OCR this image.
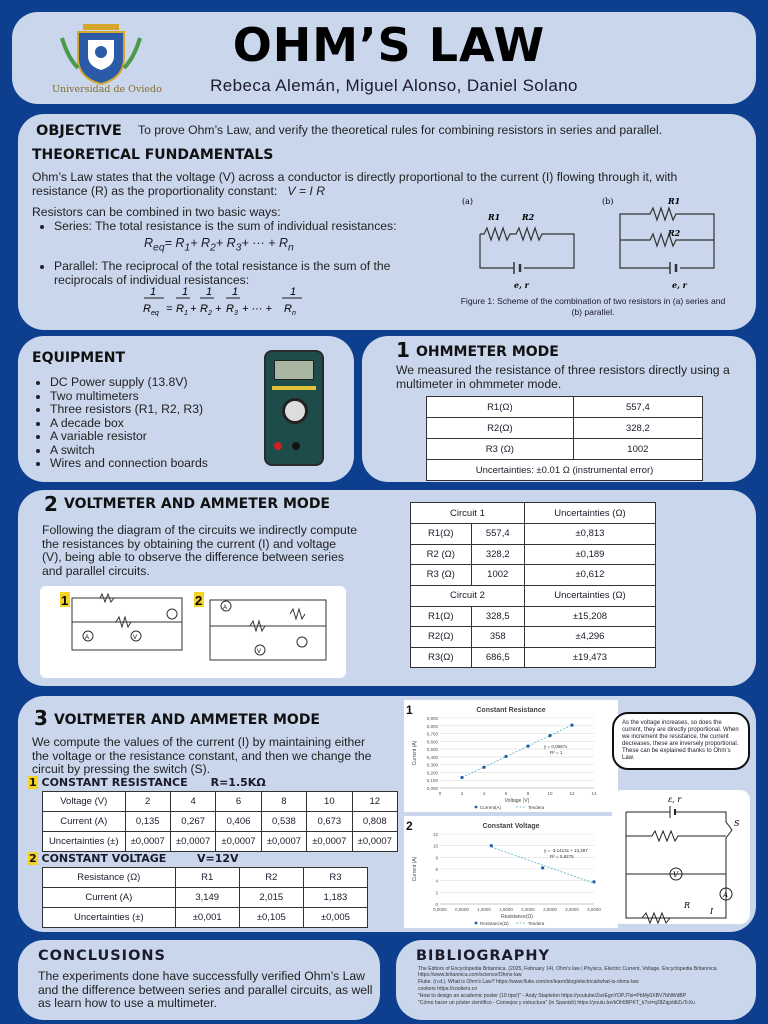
Universidad de Oviedo
OHM’S LAW
Rebeca Alemán, Miguel Alonso, Daniel Solano
OBJECTIVE To prove Ohm’s Law, and verify the theoretical rules for combining resistors in series and parallel.
THEORETICAL FUNDAMENTALS
Ohm’s Law states that the voltage (V) across a conductor is directly proportional to the current (I) flowing through it, with resistance (R) as the proportionality constant: V = I R
Resistors can be combined in two basic ways:
• Series: The total resistance is the sum of individual resistances:
$R_{eq}= R_1+ R_2+ R_3+$ ··· + $R_n$
• Parallel: The reciprocal of the total resistance is the sum of the reciprocals of individual resistances:
1 1 1 1	1
R eq = R 1 + R 2 + R 3 + ··· + R n
(a)	(b)
R1	R2
e, r
R1
R2
e, r
Figure 1: Scheme of the combination of two resistors in (a) series and (b) parallel.
EQUIPMENT
• DC Power supply (13.8V)
• Two multimeters
• Three resistors (R1, R2, R3)
• A decade box
• A variable resistor
• A switch
• Wires and connection boards
1 OHMMETER MODE
We measured the resistance of three resistors directly using a multimeter in ohmmeter mode.
R1(Ω)	557,4
R2(Ω)	328,2
R3 (Ω)	1002
Uncertainties: ±0.01 Ω (instrumental error)	
2 VOLTMETER AND AMMETER MODE
Following the diagram of the circuits we indirectly compute the resistances by obtaining the current (I) and voltage (V), being able to observe the difference between series and parallel circuits.
1	2
A	V
A
V
Circuit 1		Uncertainties (Ω)
R1(Ω)	557,4	±0,813
R2 (Ω)	328,2	±0,189
R3 (Ω)	1002	±0,612
Circuit 2		Uncertainties (Ω)
R1(Ω)	328,5	±15,208
R2(Ω)	358	±4,296
R3(Ω)	686,5	±19,473
3 VOLTMETER AND AMMETER MODE
We compute the values of the current (I) by maintaining either the voltage or the resistance constant, and then we change the circuit by pressing the switch (S).
1 CONSTANT RESISTANCE R=1.5KΩ
Voltage (V)	2	4	6	8	10	12
Current (A)	0,135	0,267	0,406	0,538	0,673	0,808
Uncertainties (±)	±0,0007	±0,0007	±0,0007	±0,0007	±0,0007	±0,0007
2 CONSTANT VOLTAGE	V=12V
Resistance (Ω)	R1	R2	R3
Current (A)	3,149	2,015	1,183
Uncertainties (±)	±0,001	±0,105	±0,005
1	Constant Resistance
0,000
0,100
0,200
0,300
0,400
0,500
0,600
0,700
0,800
0,900
0	2	4	6	8	10	12	14
Voltage (V)
Current (A)	y = 0,0667x
R² = 1
Current(A)	Tendera
2	Constant Voltage
0
2
4
6
8
10
12
0,0000 0,5000 1,0000 1,5000 2,0000 2,5000 3,0000 3,5000
Resistance(Ω)
Current (A)
y = -3,1413x + 13,287
R² = 0,9275
Resistance(Ω)	Tendera
As the voltage increases, so does the current, they are directly proportional. When we increment the resistance, the current decreases, these are inversely proportional. These can be explained thanks to Ohm’s Law.
ε, r
S
V
A
R
I
CONCLUSIONS
The experiments done have successfully verified Ohm’s Law and the difference between series and parallel circuits, as well as learn how to use a multimeter.
BIBLIOGRAPHY
The Editors of Encyclopedia Britannica. (2025, February 14). Ohm's law | Physics, Electric Current, Voltage. Encyclopedia Britannica. https://www.britannica.com/science/Ohms-law
Fluke. (n.d.). What is Ohm's Law? https://www.fluke.com/en/learn/blog/electrical/what-is-ohms-law
cookers https://cookers.co
"How to design an academic poster (10 tips!)" - Andy Stapleton https://youtube/ZwrEgnYOPJ?si=PbMy0XBV7bNWdBP
"Cómo hacer un póster científico - Consejos y estructura" (in Spanish) https://youtu.be/kOh5BPKT_k?si=q28ZqjoldtZuTcXu
